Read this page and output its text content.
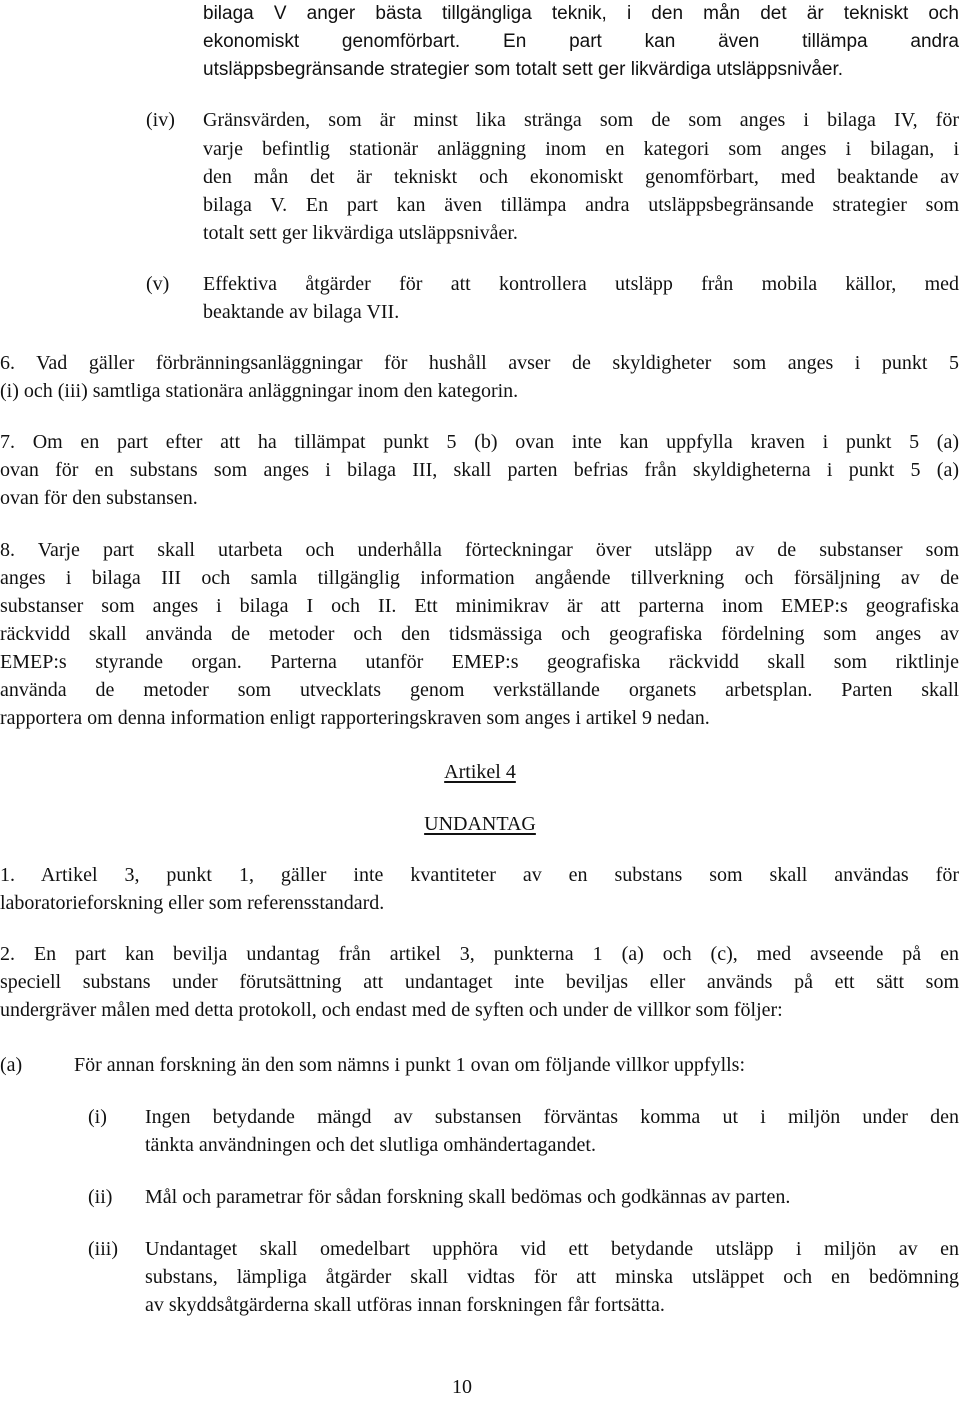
bilaga V anger bästa tillgängliga teknik, i den mån det är tekniskt och
ekonomiskt genomförbart. En part kan även tillämpa andra
utsläppsbegränsande strategier som totalt sett ger likvärdiga utsläppsnivåer.
(iv) Gränsvärden, som är minst lika stränga som de som anges i bilaga IV, för
varje befintlig stationär anläggning inom en kategori som anges i bilagan, i
den mån det är tekniskt och ekonomiskt genomförbart, med beaktande av
bilaga V. En part kan även tillämpa andra utsläppsbegränsande strategier som
totalt sett ger likvärdiga utsläppsnivåer.
(v) Effektiva åtgärder för att kontrollera utsläpp från mobila källor, med
beaktande av bilaga VII.
6. Vad gäller förbränningsanläggningar för hushåll avser de skyldigheter som anges i punkt 5
(i) och (iii) samtliga stationära anläggningar inom den kategorin.
7. Om en part efter att ha tillämpat punkt 5 (b) ovan inte kan uppfylla kraven i punkt 5 (a)
ovan för en substans som anges i bilaga III, skall parten befrias från skyldigheterna i punkt 5 (a)
ovan för den substansen.
8. Varje part skall utarbeta och underhålla förteckningar över utsläpp av de substanser som
anges i bilaga III och samla tillgänglig information angående tillverkning och försäljning av de
substanser som anges i bilaga I och II. Ett minimikrav är att parterna inom EMEP:s geografiska
räckvidd skall använda de metoder och den tidsmässiga och geografiska fördelning som anges av
EMEP:s styrande organ. Parterna utanför EMEP:s geografiska räckvidd skall som riktlinje
använda de metoder som utvecklats genom verkställande organets arbetsplan. Parten skall
rapportera om denna information enligt rapporteringskraven som anges i artikel 9 nedan.
Artikel 4
UNDANTAG
1. Artikel 3, punkt 1, gäller inte kvantiteter av en substans som skall användas för
laboratorieforskning eller som referensstandard.
2. En part kan bevilja undantag från artikel 3, punkterna 1 (a) och (c), med avseende på en
speciell substans under förutsättning att undantaget inte beviljas eller används på ett sätt som
undergräver målen med detta protokoll, och endast med de syften och under de villkor som följer:
(a)	För annan forskning än den som nämns i punkt 1 ovan om följande villkor uppfylls:
(i) Ingen betydande mängd av substansen förväntas komma ut i miljön under den
tänkta användningen och det slutliga omhändertagandet.
(ii) Mål och parametrar för sådan forskning skall bedömas och godkännas av parten.
(iii) Undantaget skall omedelbart upphöra vid ett betydande utsläpp i miljön av en
substans, lämpliga åtgärder skall vidtas för att minska utsläppet och en bedömning
av skyddsåtgärderna skall utföras innan forskningen får fortsätta.
10
